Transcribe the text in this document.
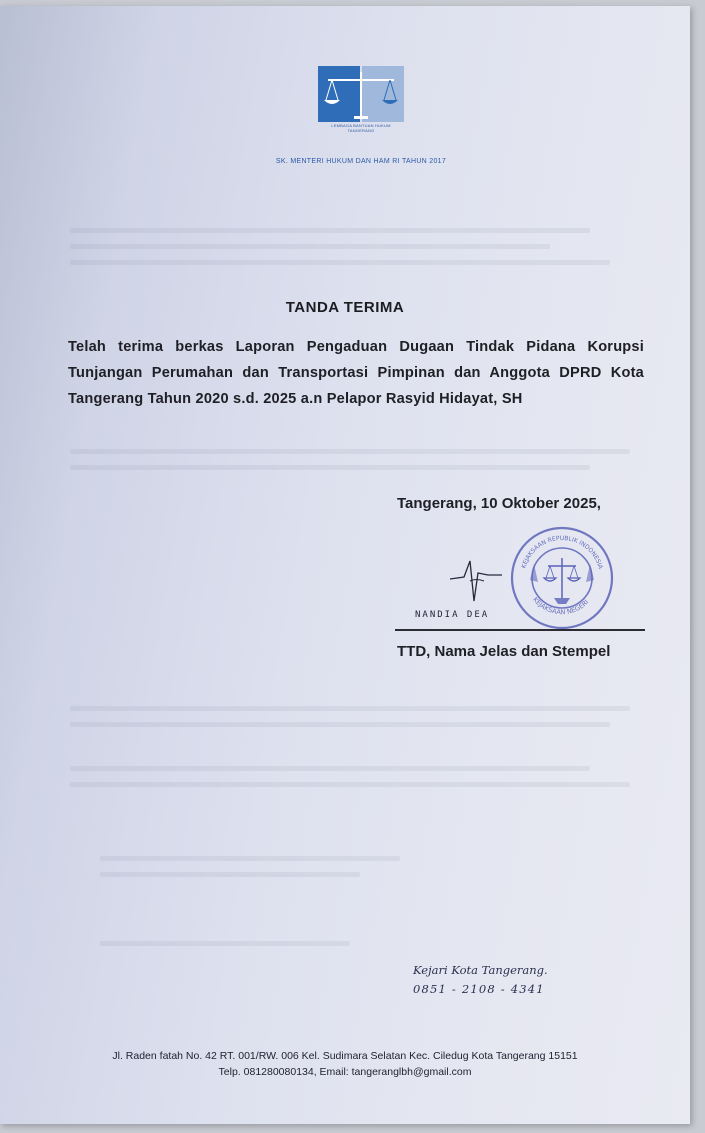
LEMBAGA BANTUAN HUKUM
TANGERANG
SK. MENTERI HUKUM DAN HAM RI TAHUN 2017
TANDA TERIMA
Telah terima berkas Laporan Pengaduan Dugaan Tindak Pidana Korupsi Tunjangan Perumahan dan Transportasi Pimpinan dan Anggota DPRD Kota Tangerang Tahun 2020 s.d. 2025 a.n Pelapor Rasyid Hidayat, SH
Tangerang, 10 Oktober 2025,
KEJAKSAAN REPUBLIK INDONESIA
KEJAKSAAN NEGERI
NANDIA DEA
TTD, Nama Jelas dan Stempel
Kejari Kota Tangerang.
0851 - 2108 - 4341
Jl. Raden fatah No. 42 RT. 001/RW. 006 Kel. Sudimara Selatan Kec. Ciledug Kota Tangerang 15151
Telp. 081280080134, Email: tangeranglbh@gmail.com
